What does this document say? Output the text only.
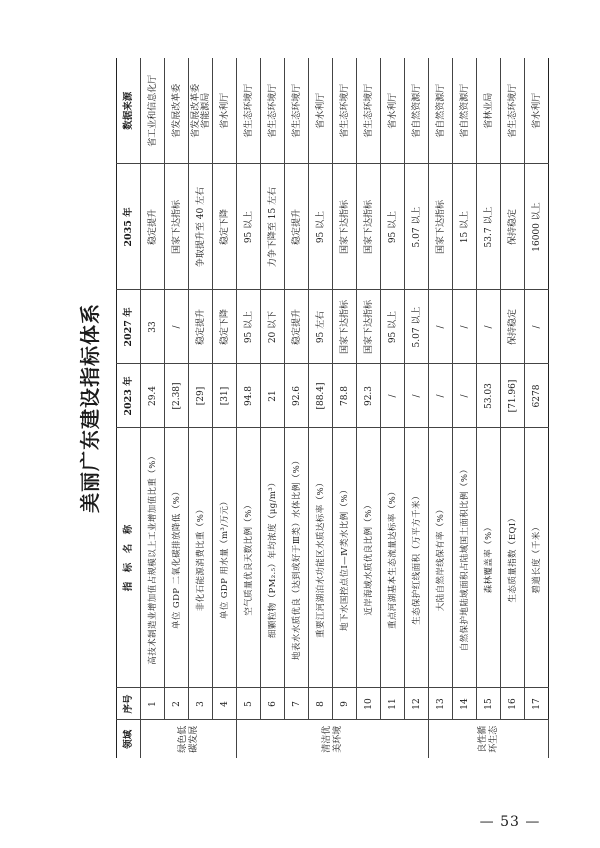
美丽广东建设指标体系
领域	序号	指　标　名　称	2023 年	2027 年	2035 年	数据来源
绿色低碳发展	1	高技术制造业增加值占规模以上工业增加值比重（%）	29.4	33	稳定提升	省工业和信息化厅
	2	单位 GDP 二氧化碳排放降低（%）	[2.38]	/	国家下达指标	省发展改革委
	3	非化石能源消费比重（%）	[29]	稳定提升	争取提升至 40 左右	省发展改革委
省能源局
	4	单位 GDP 用水量（m³/万元）	[31]	稳定下降	稳定下降	省水利厅
清洁优美环境	5	空气质量优良天数比例（%）	94.8	95 以上	95 以上	省生态环境厅
	6	细颗粒物（PM₂.₅）年均浓度（μg/m³）	21	20 以下	力争下降至 15 左右	省生态环境厅
	7	地表水水质优良（达到或好于Ⅲ类）水体比例（%）	92.6	稳定提升	稳定提升	省生态环境厅
	8	重要江河湖泊水功能区水质达标率（%）	[88.4]	95 左右	95 以上	省水利厅
	9	地下水国控点位Ⅰ—Ⅳ类水比例（%）	78.8	国家下达指标	国家下达指标	省生态环境厅
	10	近岸海域水质优良比例（%）	92.3	国家下达指标	国家下达指标	省生态环境厅
	11	重点河湖基本生态流量达标率（%）	/	95 以上	95 以上	省水利厅
	12	生态保护红线面积（万平方千米）	/	5.07 以上	5.07 以上	省自然资源厅
良性循环生态	13	大陆自然岸线保有率（%）	/	/	国家下达指标	省自然资源厅
	14	自然保护地陆域面积占陆域国土面积比例（%）	/	/	15 以上	省自然资源厅
	15	森林覆盖率（%）	53.03	/	53.7 以上	省林业局
	16	生态质量指数（EQI）	[71.96]	保持稳定	保持稳定	省生态环境厅
	17	碧道长度（千米）	6278	/	16000 以上	省水利厅
— 53 —
